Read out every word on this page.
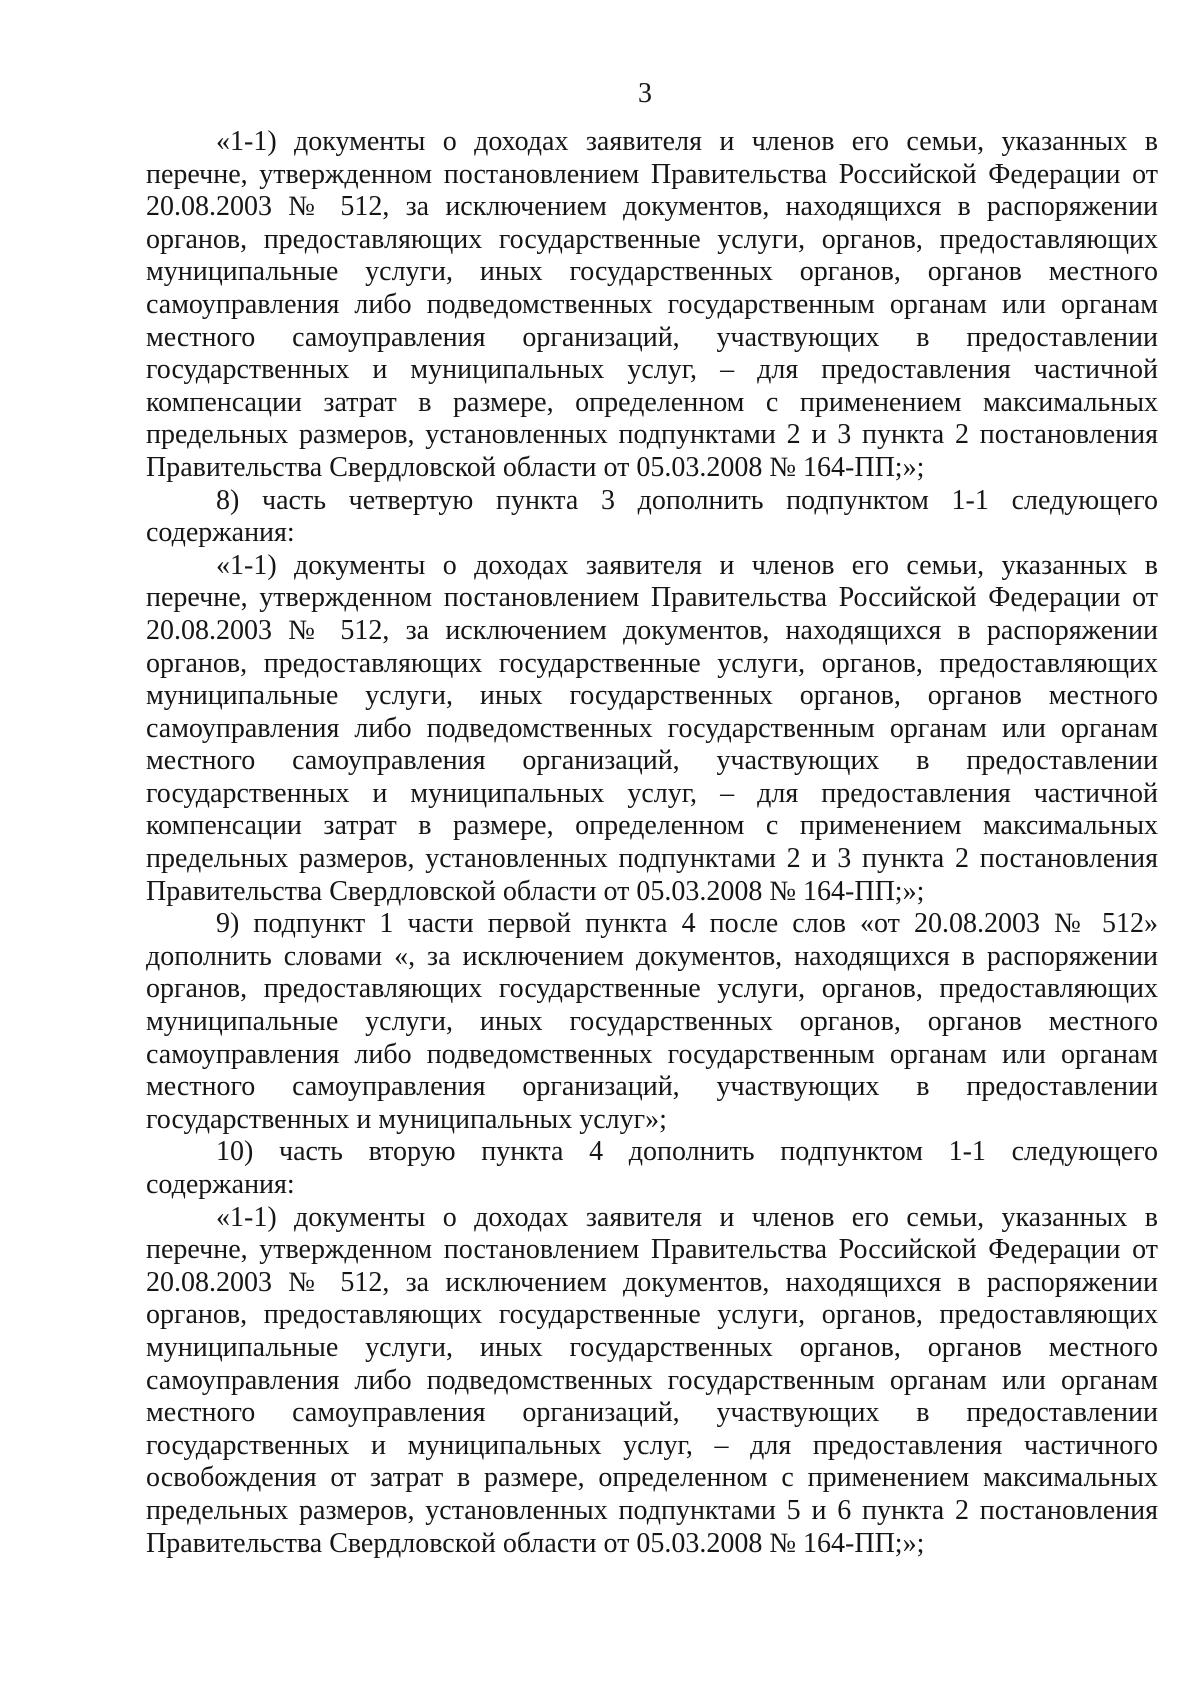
3

«1-1) документы о доходах заявителя и членов его семьи, указанных в перечне, утвержденном постановлением Правительства Российской Федерации от 20.08.2003 № 512, за исключением документов, находящихся в распоряжении органов, предоставляющих государственные услуги, органов, предоставляющих муниципальные услуги, иных государственных органов, органов местного самоуправления либо подведомственных государственным органам или органам местного самоуправления организаций, участвующих в предоставлении государственных и муниципальных услуг, – для предоставления частичной компенсации затрат в размере, определенном с применением максимальных предельных размеров, установленных подпунктами 2 и 3 пункта 2 постановления Правительства Свердловской области от 05.03.2008 № 164-ПП;»;

8) часть четвертую пункта 3 дополнить подпунктом 1-1 следующего содержания:

«1-1) документы о доходах заявителя и членов его семьи, указанных в перечне, утвержденном постановлением Правительства Российской Федерации от 20.08.2003 № 512, за исключением документов, находящихся в распоряжении органов, предоставляющих государственные услуги, органов, предоставляющих муниципальные услуги, иных государственных органов, органов местного самоуправления либо подведомственных государственным органам или органам местного самоуправления организаций, участвующих в предоставлении государственных и муниципальных услуг, – для предоставления частичной компенсации затрат в размере, определенном с применением максимальных предельных размеров, установленных подпунктами 2 и 3 пункта 2 постановления Правительства Свердловской области от 05.03.2008 № 164-ПП;»;

9) подпункт 1 части первой пункта 4 после слов «от 20.08.2003 № 512» дополнить словами «, за исключением документов, находящихся в распоряжении органов, предоставляющих государственные услуги, органов, предоставляющих муниципальные услуги, иных государственных органов, органов местного самоуправления либо подведомственных государственным органам или органам местного самоуправления организаций, участвующих в предоставлении государственных и муниципальных услуг»;

10) часть вторую пункта 4 дополнить подпунктом 1-1 следующего содержания:

«1-1) документы о доходах заявителя и членов его семьи, указанных в перечне, утвержденном постановлением Правительства Российской Федерации от 20.08.2003 № 512, за исключением документов, находящихся в распоряжении органов, предоставляющих государственные услуги, органов, предоставляющих муниципальные услуги, иных государственных органов, органов местного самоуправления либо подведомственных государственным органам или органам местного самоуправления организаций, участвующих в предоставлении государственных и муниципальных услуг, – для предоставления частичного освобождения от затрат в размере, определенном с применением максимальных предельных размеров, установленных подпунктами 5 и 6 пункта 2 постановления Правительства Свердловской области от 05.03.2008 № 164-ПП;»;
